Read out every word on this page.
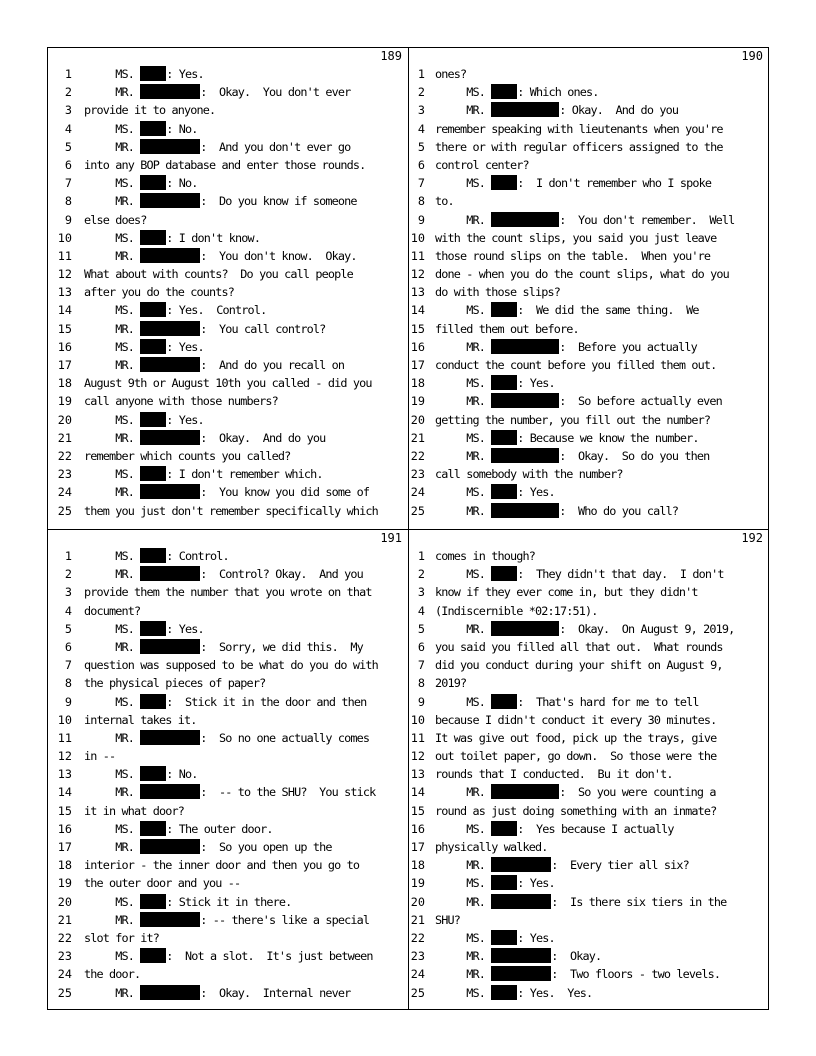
189
1 MS. : Yes.
2 MR.	:  Okay.  You don't ever
3 provide it to anyone.
4 MS. : No.
5 MR.	:  And you don't ever go
6 into any BOP database and enter those rounds.
7 MS. : No.
8 MR.	:  Do you know if someone
9 else does?
10 MS. : I don't know.
11 MR.	:  You don't know.  Okay.
12 What about with counts?  Do you call people
13 after you do the counts?
14 MS. : Yes.  Control.
15 MR.	:  You call control?
16 MS. : Yes.
17 MR.	:  And do you recall on
18 August 9th or August 10th you called - did you
19 call anyone with those numbers?
20 MS. : Yes.
21 MR.	:  Okay.  And do you
22 remember which counts you called?
23 MS. : I don't remember which.
24 MR.	:  You know you did some of
25 them you just don't remember specifically which
190
1 ones?
2 MS. : Which ones.
3 MR.	: Okay.  And do you
4 remember speaking with lieutenants when you're
5 there or with regular officers assigned to the
6 control center?
7 MS. :  I don't remember who I spoke
8 to.
9 MR.	:  You don't remember.  Well
10 with the count slips, you said you just leave
11 those round slips on the table.  When you're
12 done - when you do the count slips, what do you
13 do with those slips?
14 MS. :  We did the same thing.  We
15 filled them out before.
16 MR.	:  Before you actually
17 conduct the count before you filled them out.
18 MS. : Yes.
19 MR.	:  So before actually even
20 getting the number, you fill out the number?
21 MS. : Because we know the number.
22 MR.	:  Okay.  So do you then
23 call somebody with the number?
24 MS. : Yes.
25 MR.	:  Who do you call?
191
1 MS. : Control.
2 MR.	:  Control? Okay.  And you
3 provide them the number that you wrote on that
4 document?
5 MS. : Yes.
6 MR.	:  Sorry, we did this.  My
7 question was supposed to be what do you do with
8 the physical pieces of paper?
9 MS. :  Stick it in the door and then
10 internal takes it.
11 MR.	:  So no one actually comes
12 in --
13 MS. : No.
14 MR.	:  -- to the SHU?  You stick
15 it in what door?
16 MS. : The outer door.
17 MR.	:  So you open up the
18 interior - the inner door and then you go to
19 the outer door and you --
20 MS. : Stick it in there.
21 MR.	: -- there's like a special
22 slot for it?
23 MS. :  Not a slot.  It's just between
24 the door.
25 MR.	:  Okay.  Internal never
192
1 comes in though?
2 MS. :  They didn't that day.  I don't
3 know if they ever come in, but they didn't
4 (Indiscernible *02:17:51).
5 MR.	:  Okay.  On August 9, 2019,
6 you said you filled all that out.  What rounds
7 did you conduct during your shift on August 9,
8 2019?
9 MS. :  That's hard for me to tell
10 because I didn't conduct it every 30 minutes.
11 It was give out food, pick up the trays, give
12 out toilet paper, go down.  So those were the
13 rounds that I conducted.  Bu it don't.
14 MR.	:  So you were counting a
15 round as just doing something with an inmate?
16 MS. :  Yes because I actually
17 physically walked.
18 MR.	:  Every tier all six?
19 MS. : Yes.
20 MR.	:  Is there six tiers in the
21 SHU?
22 MS. : Yes.
23 MR.	:  Okay.
24 MR.	:  Two floors - two levels.
25 MS. : Yes.  Yes.
